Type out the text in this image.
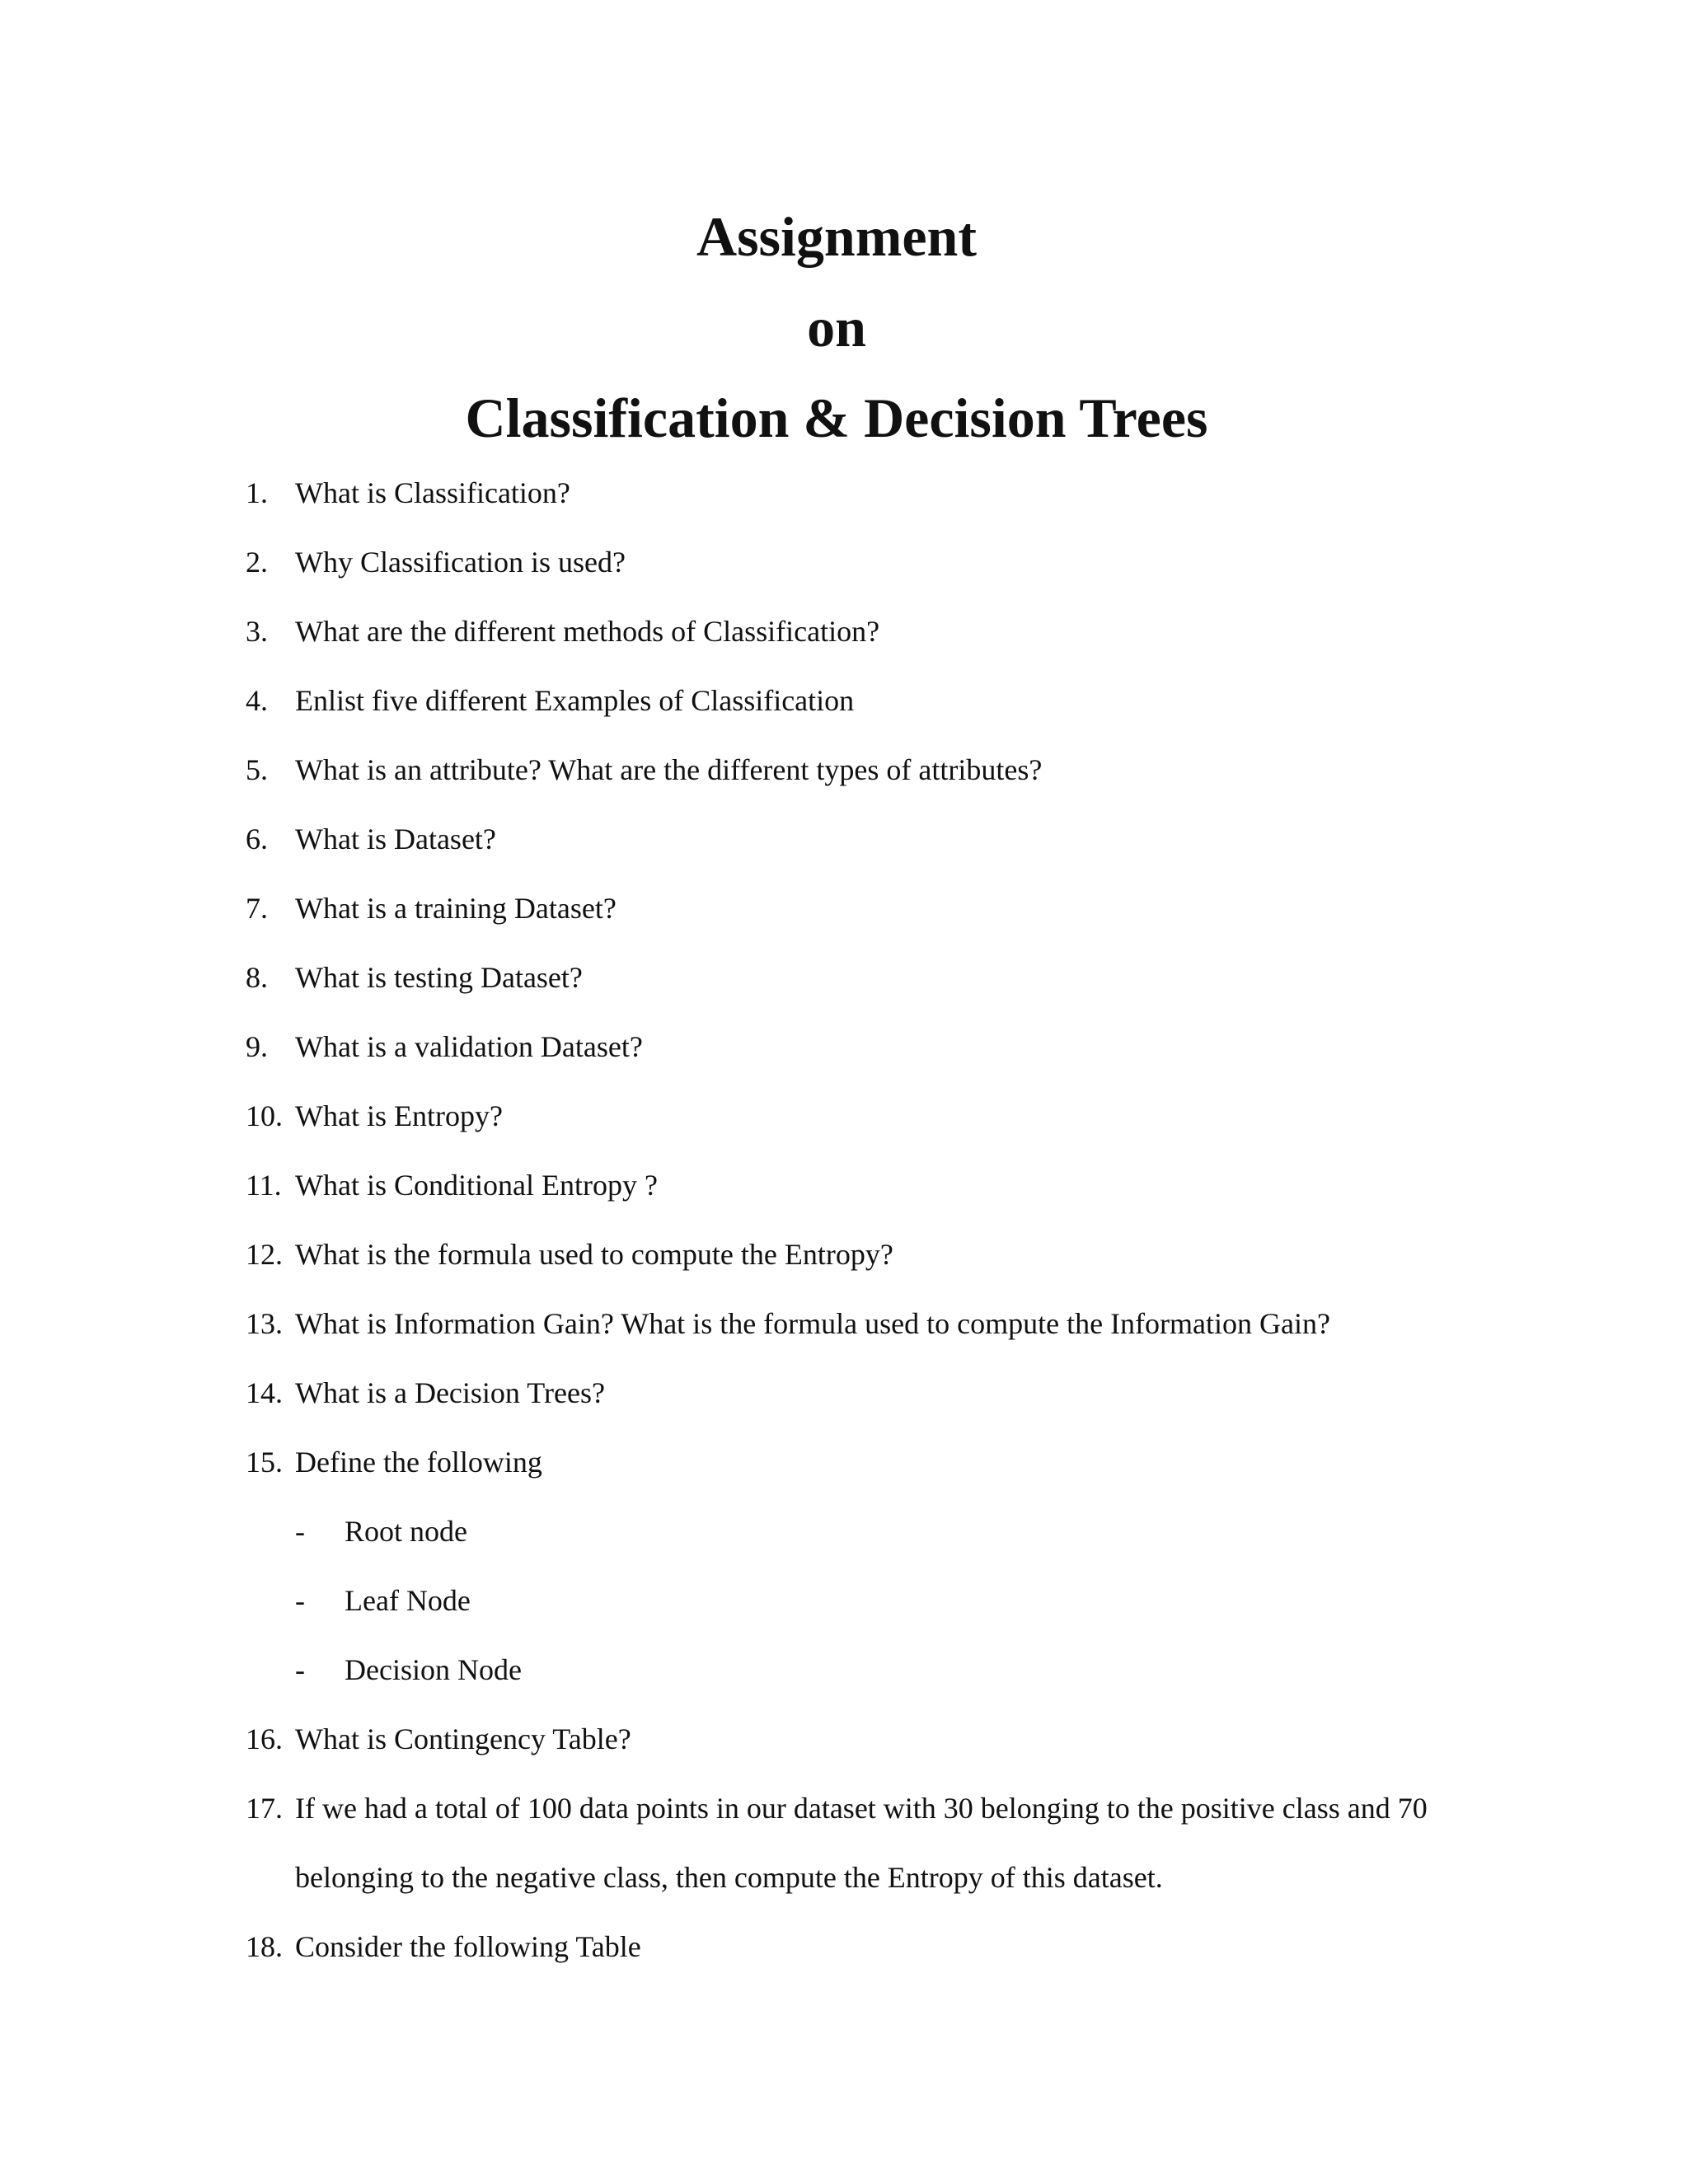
Assignment

on

Classification & Decision Trees

1. What is Classification?
2. Why Classification is used?
3. What are the different methods of Classification?
4. Enlist five different Examples of Classification
5. What is an attribute? What are the different types of attributes?
6. What is Dataset?
7. What is a training Dataset?
8. What is testing Dataset?
9. What is a validation Dataset?
10. What is Entropy?
11. What is Conditional Entropy ?
12. What is the formula used to compute the Entropy?
13. What is Information Gain? What is the formula used to compute the Information Gain?
14. What is a Decision Trees?
15. Define the following
- Root node
- Leaf Node
- Decision Node
16. What is Contingency Table?
17. If we had a total of 100 data points in our dataset with 30 belonging to the positive class and 70 belonging to the negative class, then compute the Entropy of this dataset.
18. Consider the following Table
